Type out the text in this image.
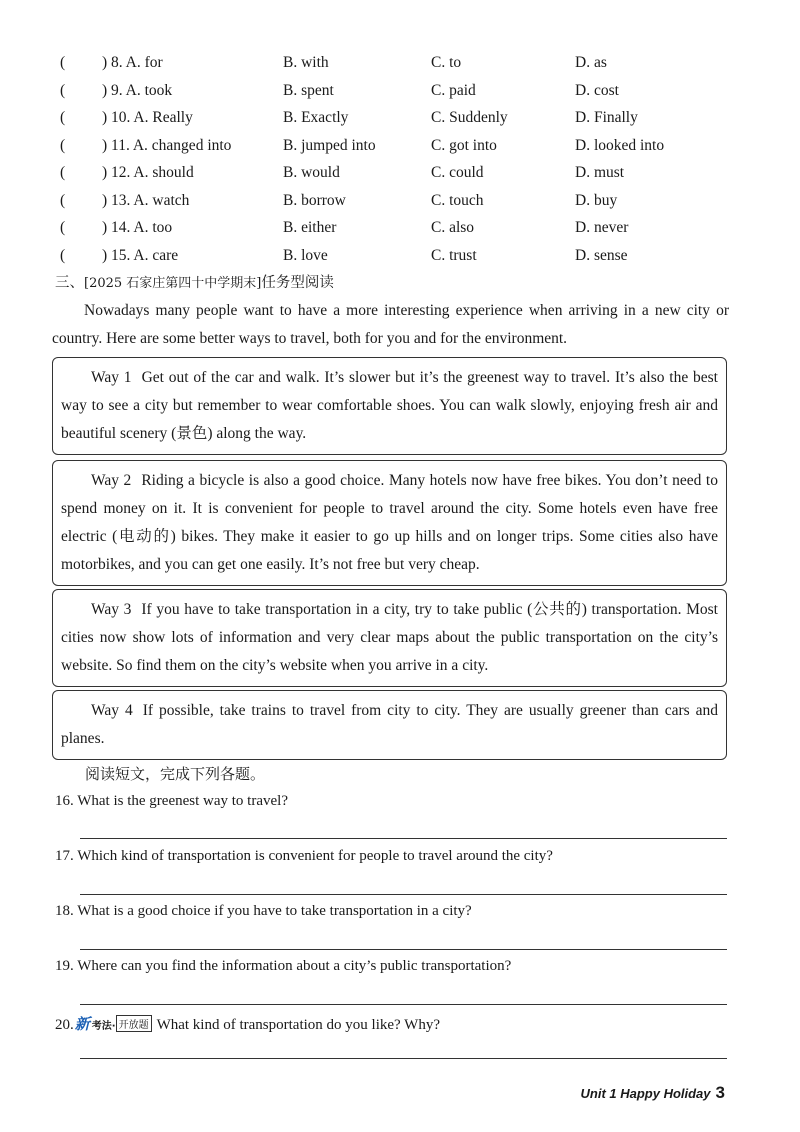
( ) 8. A. for	B. with	C. to	D. as
( ) 9. A. took	B. spent	C. paid	D. cost
( ) 10. A. Really	B. Exactly	C. Suddenly	D. Finally
( ) 11. A. changed into	B. jumped into	C. got into	D. looked into
( ) 12. A. should	B. would	C. could	D. must
( ) 13. A. watch	B. borrow	C. touch	D. buy
( ) 14. A. too	B. either	C. also	D. never
( ) 15. A. care	B. love	C. trust	D. sense
三、[2025 石家庄第四十中学期末]任务型阅读
Nowadays many people want to have a more interesting experience when arriving in a new city or country. Here are some better ways to travel, both for you and for the environment.

Way 1 Get out of the car and walk. It’s slower but it’s the greenest way to travel. It’s also the best way to see a city but remember to wear comfortable shoes. You can walk slowly, enjoying fresh air and beautiful scenery (景色) along the way.

Way 2 Riding a bicycle is also a good choice. Many hotels now have free bikes. You don’t need to spend money on it. It is convenient for people to travel around the city. Some hotels even have free electric (电动的) bikes. They make it easier to go up hills and on longer trips. Some cities also have motorbikes, and you can get one easily. It’s not free but very cheap.

Way 3 If you have to take transportation in a city, try to take public (公共的) transportation. Most cities now show lots of information and very clear maps about the public transportation on the city’s website. So find them on the city’s website when you arrive in a city.

Way 4 If possible, take trains to travel from city to city. They are usually greener than cars and planes.

阅读短文，完成下列各题。
16. What is the greenest way to travel?
17. Which kind of transportation is convenient for people to travel around the city?
18. What is a good choice if you have to take transportation in a city?
19. Where can you find the information about a city’s public transportation?
20.新 考法· 开放题 What kind of transportation do you like? Why?
Unit 1 Happy Holiday 3
